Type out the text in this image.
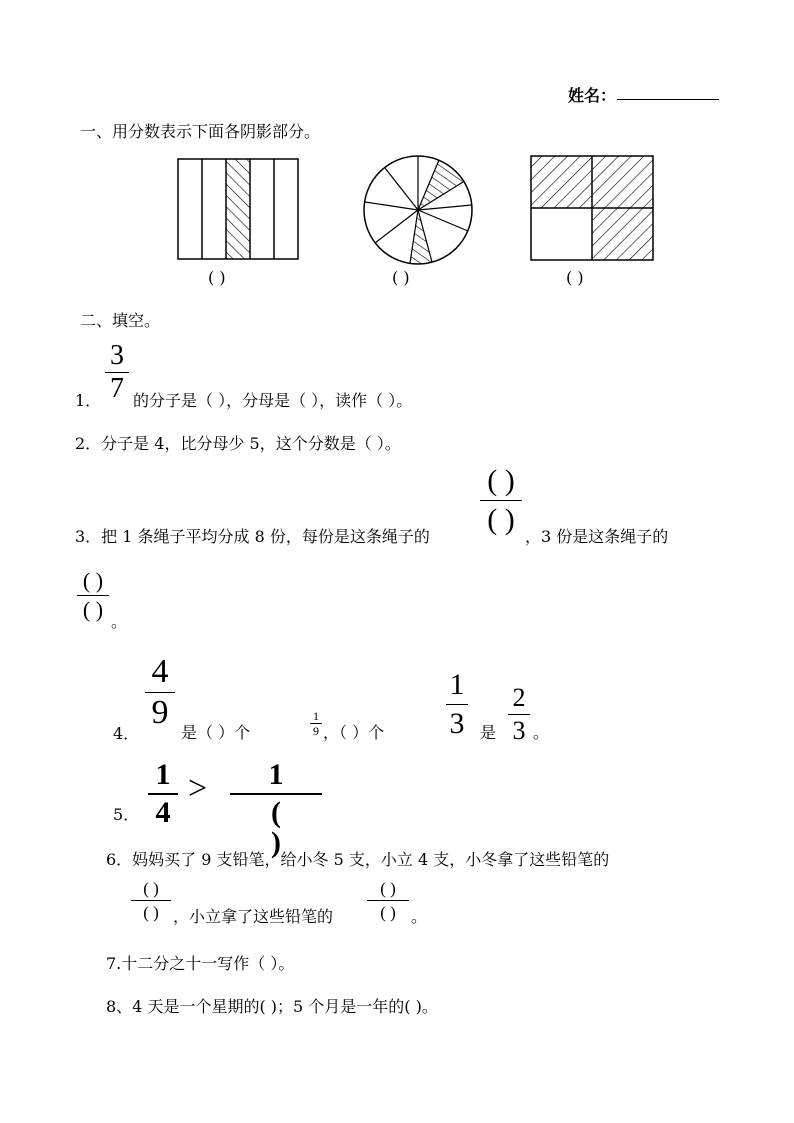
姓名：
一、用分数表示下面各阴影部分。
( )	( )	( )
二、填空。
1．
3
7 的分子是（ ），分母是（ ），读作（ ）。
2．分子是 4，比分母少 5，这个分数是（ ）。
3．把 1 条绳子平均分成 8 份，每份是这条绳子的
( )
( )
，3 份是这条绳子的
( )
( ) 。
4．
4
9
是（ ）个
1
9 ，（ ）个
1
3 是
2
3 。
5．
1
4
>	1
( )
6．妈妈买了 9 支铅笔，给小冬 5 支，小立 4 支，小冬拿了这些铅笔的
( )
( ) ，小立拿了这些铅笔的
( )
( ) 。
7.十二分之十一写作（ ）。
8、4 天是一个星期的( )；5 个月是一年的( )。
